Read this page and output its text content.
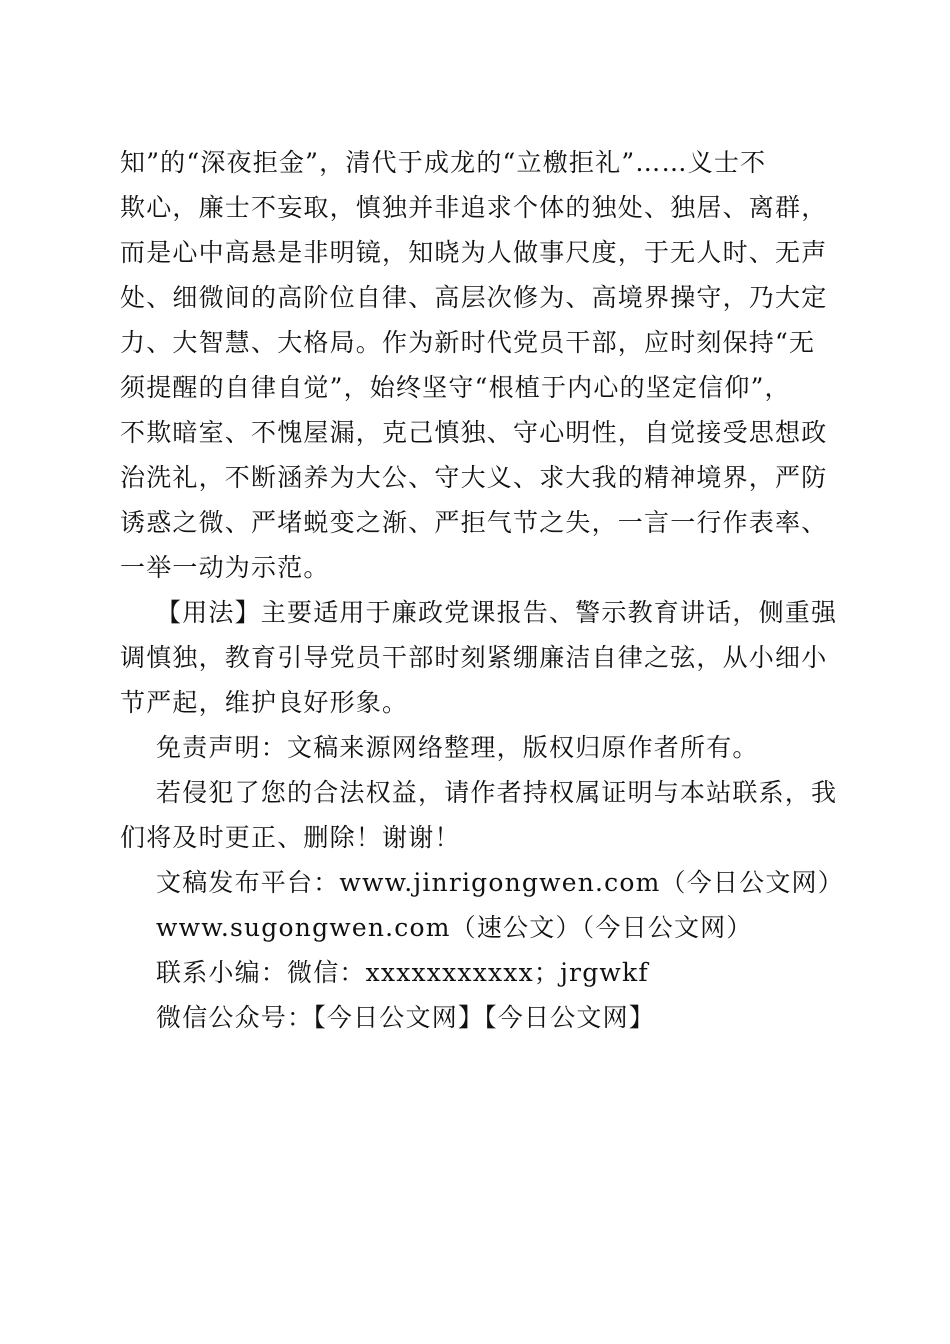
知”的“深夜拒金”，清代于成龙的“立檄拒礼”……义士不
欺心，廉士不妄取，慎独并非追求个体的独处、独居、离群，
而是心中高悬是非明镜，知晓为人做事尺度，于无人时、无声
处、细微间的高阶位自律、高层次修为、高境界操守，乃大定
力、大智慧、大格局。作为新时代党员干部，应时刻保持“无
须提醒的自律自觉”，始终坚守“根植于内心的坚定信仰”，
不欺暗室、不愧屋漏，克己慎独、守心明性，自觉接受思想政
治洗礼，不断涵养为大公、守大义、求大我的精神境界，严防
诱惑之微、严堵蜕变之渐、严拒气节之失，一言一行作表率、
一举一动为示范。
【用法】主要适用于廉政党课报告、警示教育讲话，侧重强
调慎独，教育引导党员干部时刻紧绷廉洁自律之弦，从小细小
节严起，维护良好形象。
免责声明：文稿来源网络整理，版权归原作者所有。
若侵犯了您的合法权益，请作者持权属证明与本站联系，我
们将及时更正、删除！谢谢！
文稿发布平台：www.jinrigongwen.com（今日公文网）
www.sugongwen.com（速公文）（今日公文网）
联系小编：微信：xxxxxxxxxxx；jrgwkf
微信公众号：【今日公文网】【今日公文网】
